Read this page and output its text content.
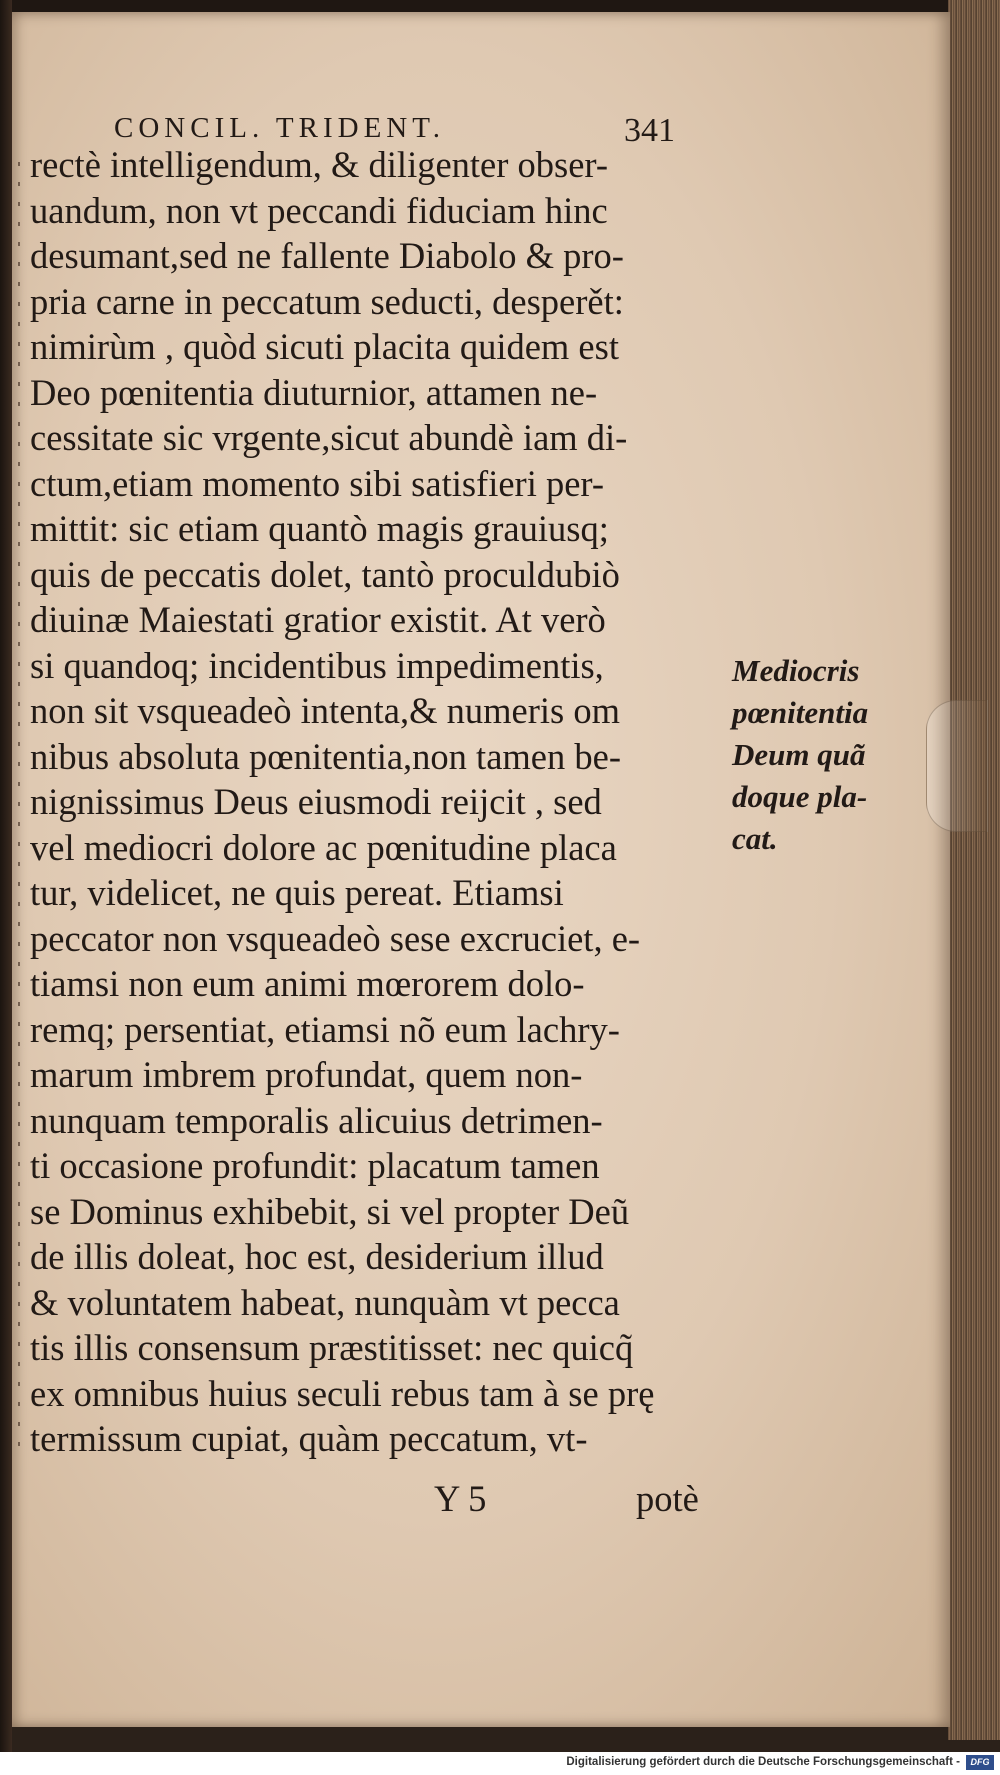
CONCIL. TRIDENT.	341
rectè intelligendum, & diligenter obser-
uandum, non vt peccandi fiduciam hinc
desumant,sed ne fallente Diabolo & pro-
pria carne in peccatum seducti, desperět:
nimirùm , quòd sicuti placita quidem est
Deo pœnitentia diuturnior, attamen ne-
cessitate sic vrgente,sicut abundè iam di-
ctum,etiam momento sibi satisfieri per-
mittit: sic etiam quantò magis grauiusq;
quis de peccatis dolet, tantò proculdubiò
diuinæ Maiestati gratior existit. At verò
si quandoq; incidentibus impedimentis,
non sit vsqueadeò intenta,& numeris om
nibus absoluta pœnitentia,non tamen be-
nignissimus Deus eiusmodi reijcit , sed
vel mediocri dolore ac pœnitudine placa
tur, videlicet, ne quis pereat. Etiamsi
peccator non vsqueadeò sese excruciet, e-
tiamsi non eum animi mœrorem dolo-
remq; persentiat, etiamsi nõ eum lachry-
marum imbrem profundat, quem non-
nunquam temporalis alicuius detrimen-
ti occasione profundit: placatum tamen
se Dominus exhibebit, si vel propter Deũ
de illis doleat, hoc est, desiderium illud
& voluntatem habeat, nunquàm vt pecca
tis illis consensum præstitisset: nec quicq̃
ex omnibus huius seculi rebus tam à se prę
termissum cupiat, quàm peccatum, vt-
Mediocris
pœnitentia
Deum quã
doque pla-
cat.
Y 5	potè
Digitalisierung gefördert durch die Deutsche Forschungsgemeinschaft -	DFG
